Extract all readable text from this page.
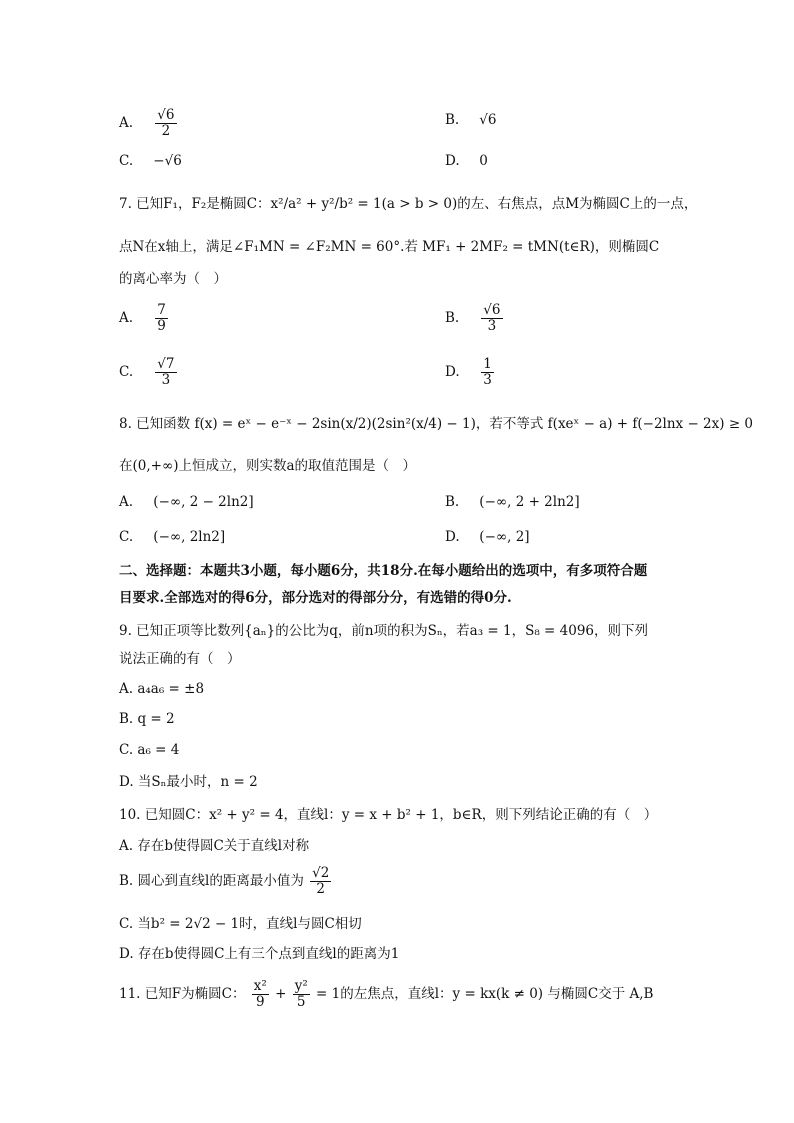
A. $\frac{√6}{2}$	B. √6
C. −√6	D. 0
7. 已知F₁，F₂是椭圆C：x²/a² + y²/b² = 1(a > b > 0)的左、右焦点，点M为椭圆C上的一点，
点N在x轴上，满足∠F₁MN = ∠F₂MN = 60°.若 MF₁ + 2MF₂ = tMN(t∈R)，则椭圆C
的离心率为（　）
A. $\frac{7}{9}$	B. $\frac{√6}{3}$
C. $\frac{√7}{3}$	D. $\frac{1}{3}$
8. 已知函数 f(x) = eˣ − e⁻ˣ − 2sin(x/2)(2sin²(x/4) − 1)，若不等式 f(xeˣ − a) + f(−2lnx − 2x) ≥ 0
在(0,+∞)上恒成立，则实数a的取值范围是（　）
A. (−∞, 2 − 2ln2]	B. (−∞, 2 + 2ln2]
C. (−∞, 2ln2]	D. (−∞, 2]
二、选择题：本题共3小题，每小题6分，共18分.在每小题给出的选项中，有多项符合题
目要求.全部选对的得6分，部分选对的得部分分，有选错的得0分.
9. 已知正项等比数列{aₙ}的公比为q，前n项的积为Sₙ，若a₃ = 1，S₈ = 4096，则下列
说法正确的有（　）
A. a₄a₆ = ±8
B. q = 2
C. a₆ = 4
D. 当Sₙ最小时，n = 2
10. 已知圆C：x² + y² = 4，直线l：y = x + b² + 1，b∈R，则下列结论正确的有（　）
A. 存在b使得圆C关于直线l对称
B. 圆心到直线l的距离最小值为 $\frac{√2}{2}$
C. 当b² = 2√2 − 1时，直线l与圆C相切
D. 存在b使得圆C上有三个点到直线l的距离为1
11. 已知F为椭圆C： $\frac{\text{x²}}{9} + \frac{\text{y²}}{5} = 1$的左焦点，直线l：y = kx(k ≠ 0) 与椭圆C交于 A,B
